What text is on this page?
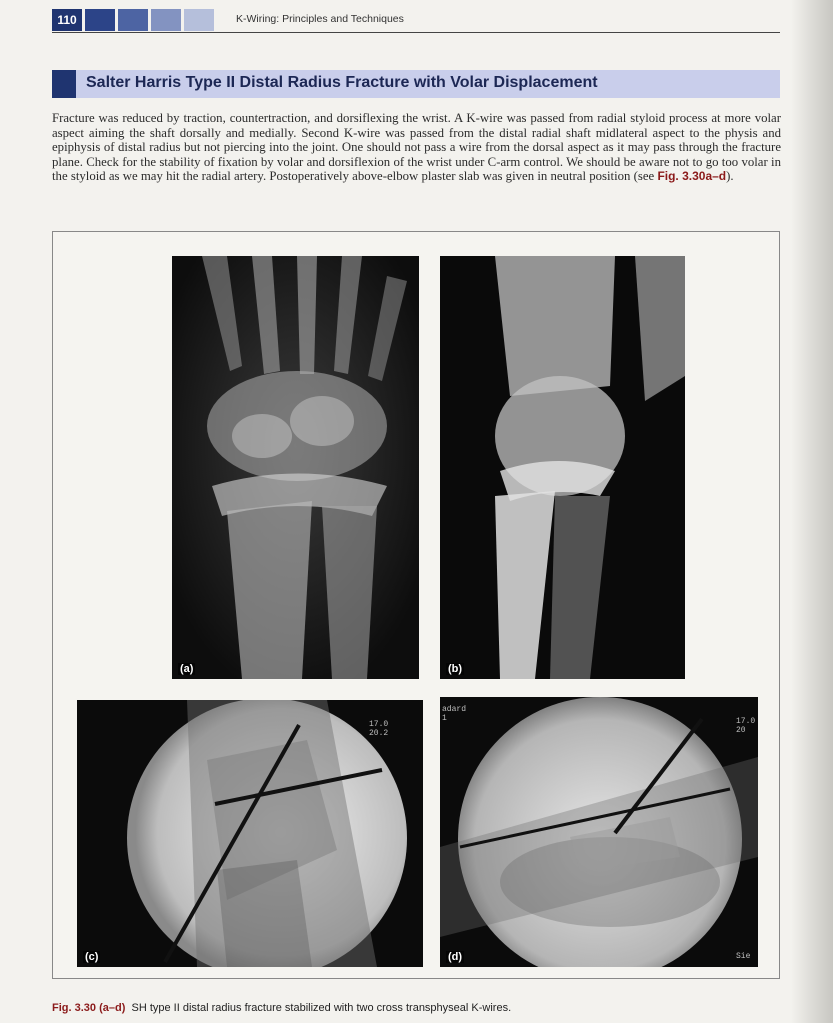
110	K-Wiring: Principles and Techniques
Salter Harris Type II Distal Radius Fracture with Volar Displacement
Fracture was reduced by traction, countertraction, and dorsiflexing the wrist. A K-wire was passed from radial styloid process at more volar aspect aiming the shaft dorsally and medially. Second K-wire was passed from the distal radial shaft midlateral aspect to the physis and epiphysis of distal radius but not piercing into the joint. One should not pass a wire from the dorsal aspect as it may pass through the fracture plane. Check for the stability of fixation by volar and dorsiflexion of the wrist under C-arm control. We should be aware not to go too volar in the styloid as we may hit the radial artery. Postoperatively above-elbow plaster slab was given in neutral position (see Fig. 3.30a–d).
(a)	(b)
17.0
20.2
(c)
adard
1	17.0
20
Sie
(d)
Fig. 3.30 (a–d) SH type II distal radius fracture stabilized with two cross transphyseal K-wires.
